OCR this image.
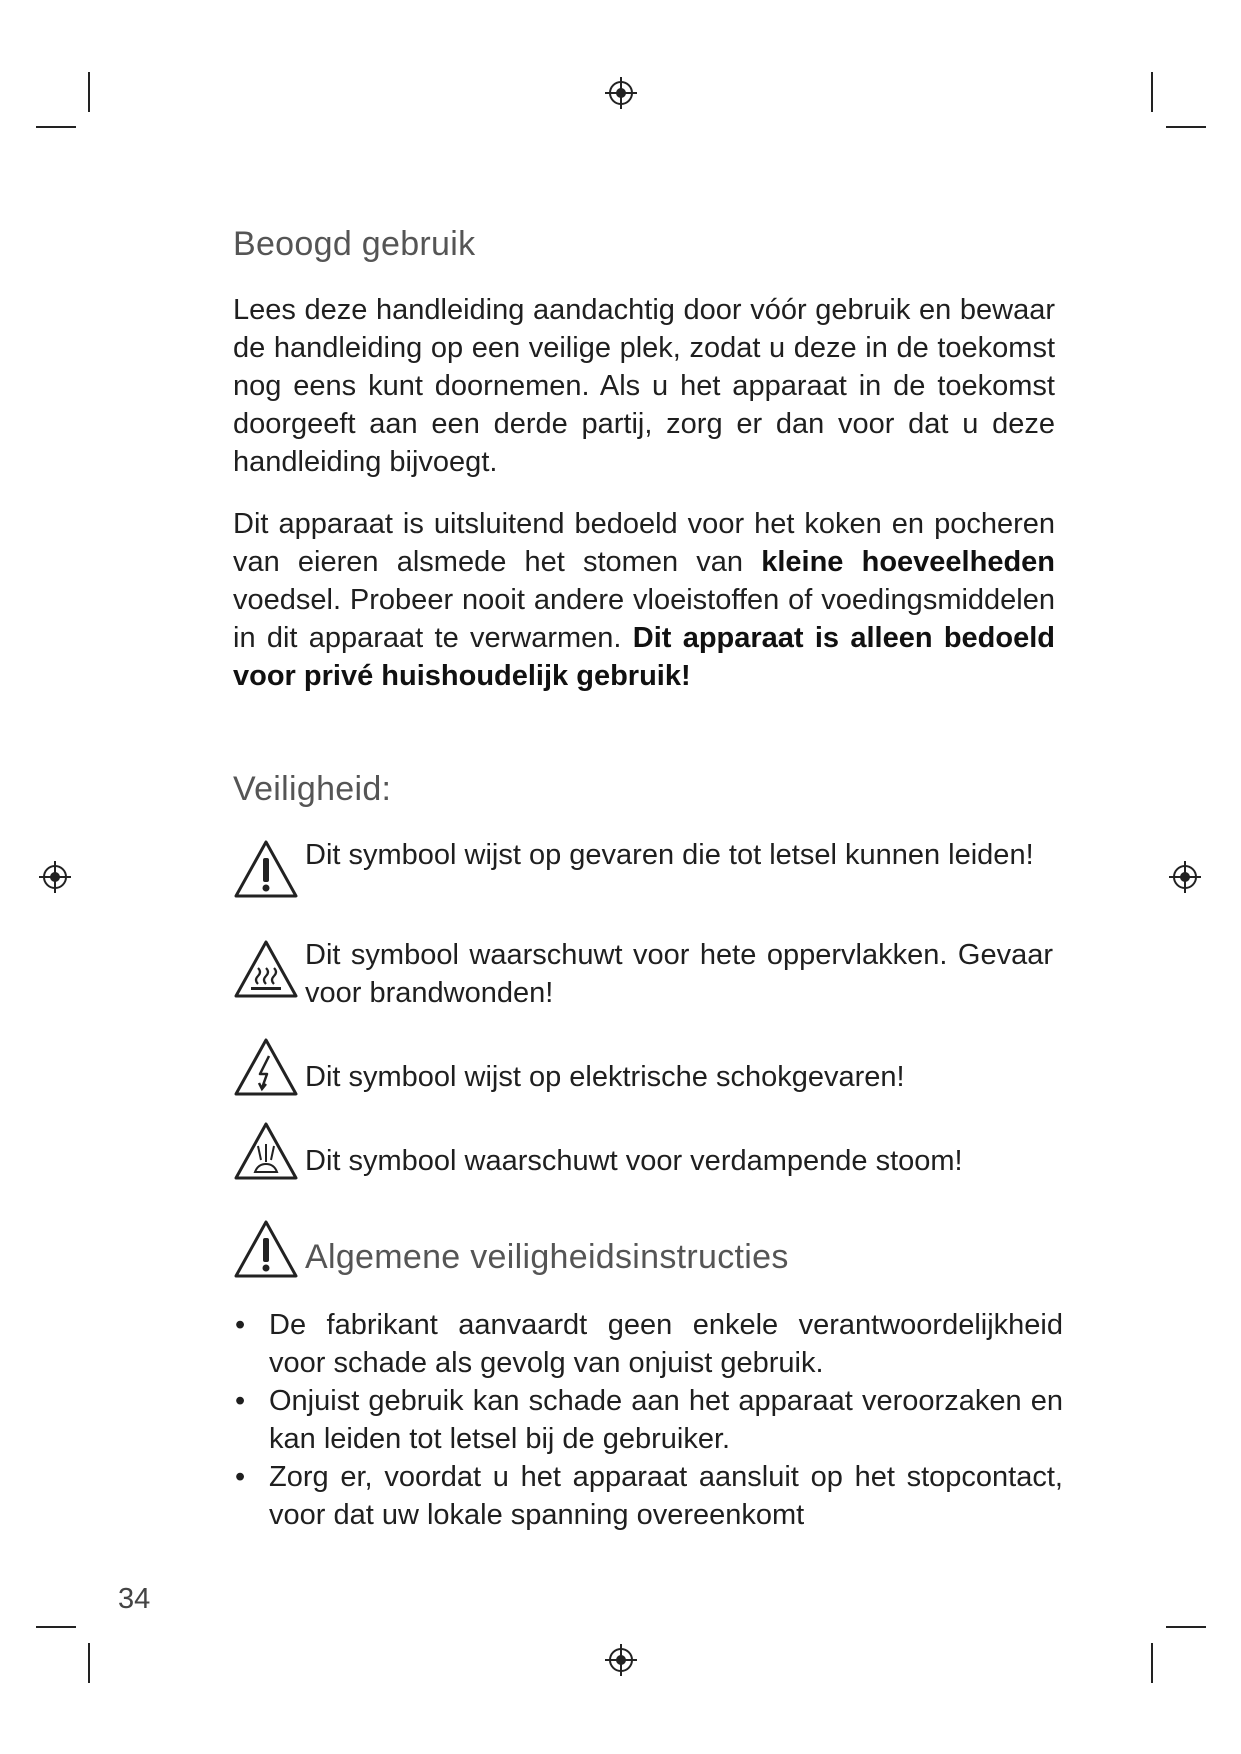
Beoogd gebruik

Lees deze handleiding aandachtig door vóór gebruik en bewaar de handleiding op een veilige plek, zodat u deze in de toekomst nog eens kunt doornemen. Als u het apparaat in de toekomst doorgeeft aan een derde partij, zorg er dan voor dat u deze handleiding bijvoegt.

Dit apparaat is uitsluitend bedoeld voor het koken en pocheren van eieren alsmede het stomen van kleine hoeveelheden voedsel. Probeer nooit andere vloeistoffen of voedingsmiddelen in dit apparaat te verwarmen. Dit apparaat is alleen bedoeld voor privé huishoudelijk gebruik!

Veiligheid:
Dit symbool wijst op gevaren die tot letsel kunnen leiden!
Dit symbool waarschuwt voor hete oppervlakken. Gevaar voor brandwonden!
Dit symbool wijst op elektrische schokgevaren!
Dit symbool waarschuwt voor verdampende stoom!
Algemene veiligheidsinstructies
• De fabrikant aanvaardt geen enkele verantwoordelijkheid voor schade als gevolg van onjuist gebruik.
• Onjuist gebruik kan schade aan het apparaat veroorzaken en kan leiden tot letsel bij de gebruiker.
• Zorg er, voordat u het apparaat aansluit op het stopcontact, voor dat uw lokale spanning overeenkomt
34
